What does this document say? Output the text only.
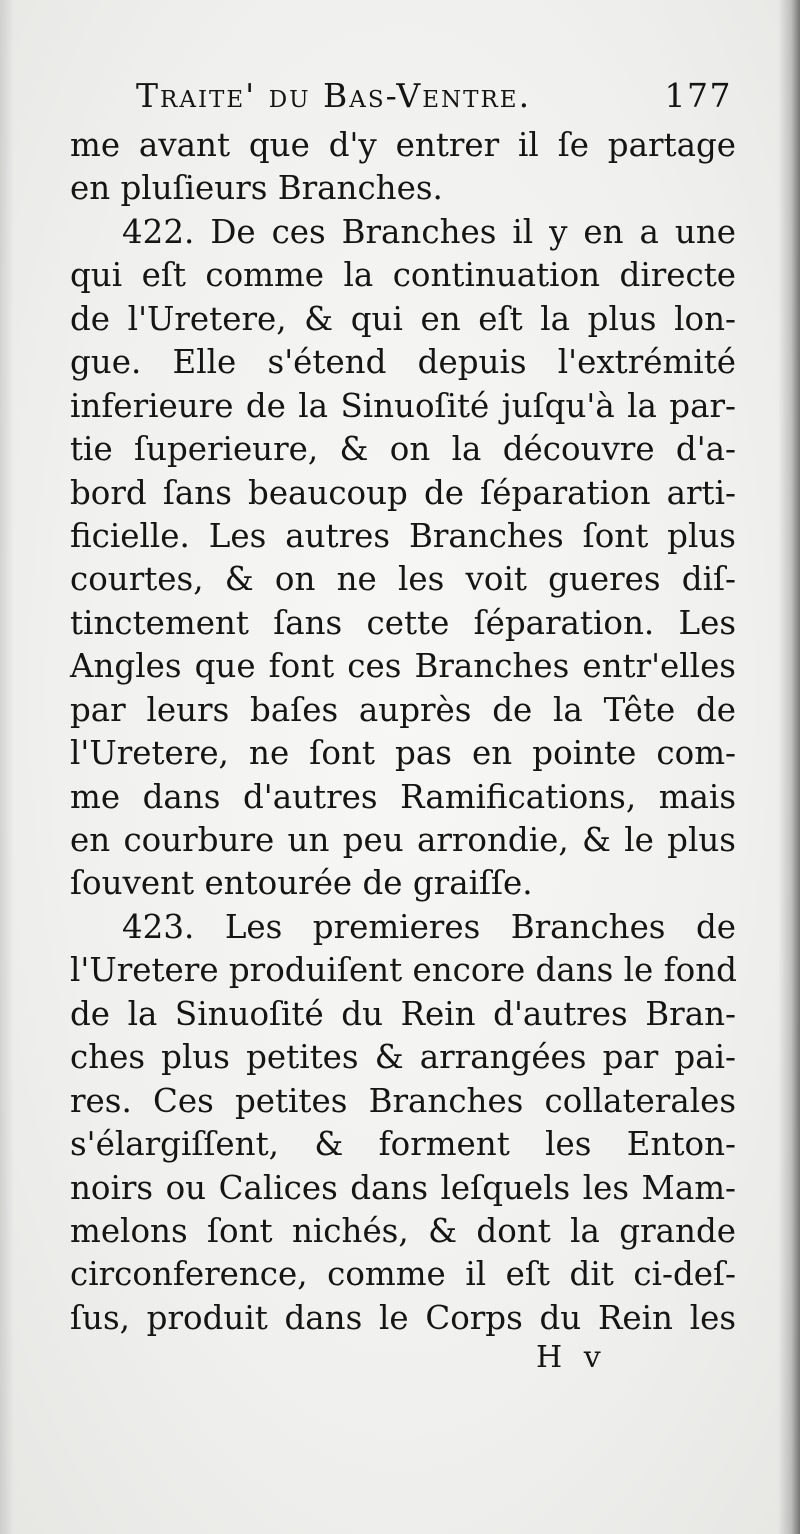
Traite' du Bas-Ventre.	177
me avant que d'y entrer il ſe partage
en pluſieurs Branches.
422. De ces Branches il y en a une
qui eſt comme la continuation directe
de l'Uretere, & qui en eſt la plus lon-
gue. Elle s'étend depuis l'extrémité
inferieure de la Sinuoſité juſqu'à la par-
tie ſuperieure, & on la découvre d'a-
bord ſans beaucoup de ſéparation arti-
ficielle. Les autres Branches ſont plus
courtes, & on ne les voit gueres diſ-
tinctement ſans cette ſéparation. Les
Angles que font ces Branches entr'elles
par leurs baſes auprès de la Tête de
l'Uretere, ne ſont pas en pointe com-
me dans d'autres Ramifications, mais
en courbure un peu arrondie, & le plus
ſouvent entourée de graiſſe.
423. Les premieres Branches de
l'Uretere produiſent encore dans le fond
de la Sinuoſité du Rein d'autres Bran-
ches plus petites & arrangées par pai-
res. Ces petites Branches collaterales
s'élargiſſent, & forment les Enton-
noirs ou Calices dans leſquels les Mam-
melons ſont nichés, & dont la grande
circonference, comme il eſt dit ci-deſ-
ſus, produit dans le Corps du Rein les
H v
